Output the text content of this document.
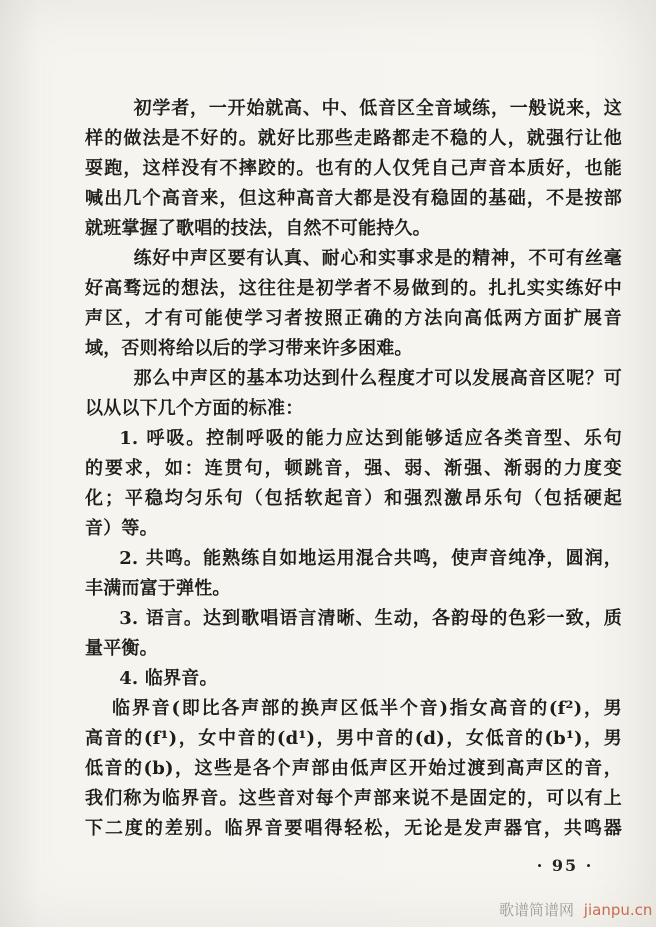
初学者，一开始就高、中、低音区全音域练，一般说来，这
样的做法是不好的。就好比那些走路都走不稳的人，就强行让他
耍跑，这样没有不摔跤的。也有的人仅凭自己声音本质好，也能
喊出几个高音来，但这种高音大都是没有稳固的基础，不是按部
就班掌握了歌唱的技法，自然不可能持久。
练好中声区要有认真、耐心和实事求是的精神，不可有丝毫
好高骛远的想法，这往往是初学者不易做到的。扎扎实实练好中
声区，才有可能使学习者按照正确的方法向高低两方面扩展音
域，否则将给以后的学习带来许多困难。
那么中声区的基本功达到什么程度才可以发展高音区呢？可
以从以下几个方面的标准：
1. 呼吸。控制呼吸的能力应达到能够适应各类音型、乐句
的要求，如：连贯句，顿跳音，强、弱、渐强、渐弱的力度变
化；平稳均匀乐句（包括软起音）和强烈激昂乐句（包括硬起
音）等。
2. 共鸣。能熟练自如地运用混合共鸣，使声音纯净，圆润，
丰满而富于弹性。
3. 语言。达到歌唱语言清晰、生动，各韵母的色彩一致，质
量平衡。
4. 临界音。
临界音(即比各声部的换声区低半个音)指女高音的(f²)，男
高音的(f¹)，女中音的(d¹)，男中音的(d)，女低音的(b¹)，男
低音的(b)，这些是各个声部由低声区开始过渡到高声区的音，
我们称为临界音。这些音对每个声部来说不是固定的，可以有上
下二度的差别。临界音要唱得轻松，无论是发声器官，共鸣器
· 95 ·
歌谱简谱网 jianpu.cn
